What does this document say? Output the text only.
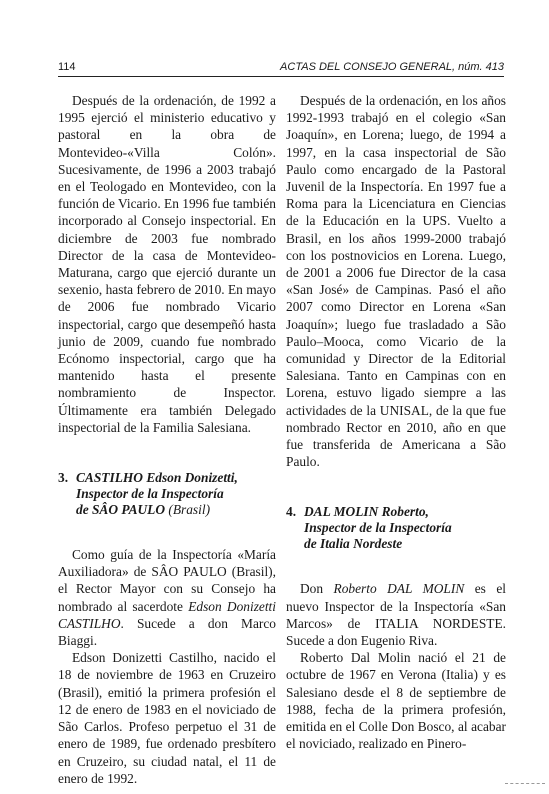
114	ACTAS DEL CONSEJO GENERAL, núm. 413

Después de la ordenación, de 1992 a 1995 ejerció el ministerio educativo y pastoral en la obra de Montevideo-«Villa Colón». Sucesivamente, de 1996 a 2003 trabajó en el Teologado en Montevideo, con la función de Vicario. En 1996 fue también incorporado al Consejo inspectorial. En diciembre de 2003 fue nombrado Director de la casa de Montevideo-Maturana, cargo que ejerció durante un sexenio, hasta febrero de 2010. En mayo de 2006 fue nombrado Vicario inspectorial, cargo que desempeñó hasta junio de 2009, cuando fue nombrado Ecónomo inspectorial, cargo que ha mantenido hasta el presente nombramiento de Inspector. Últimamente era también Delegado inspectorial de la Familia Salesiana.

3. CASTILHO Edson Donizetti,
Inspector de la Inspectoría
de SÂO PAULO (Brasil)

Como guía de la Inspectoría «María Auxiliadora» de SÂO PAULO (Brasil), el Rector Mayor con su Consejo ha nombrado al sacerdote Edson Donizetti CASTILHO. Sucede a don Marco Biaggi.

Edson Donizetti Castilho, nacido el 18 de noviembre de 1963 en Cruzeiro (Brasil), emitió la primera profesión el 12 de enero de 1983 en el noviciado de São Carlos. Profeso perpetuo el 31 de enero de 1989, fue ordenado presbítero en Cruzeiro, su ciudad natal, el 11 de enero de 1992.

Después de la ordenación, en los años 1992-1993 trabajó en el colegio «San Joaquín», en Lorena; luego, de 1994 a 1997, en la casa inspectorial de São Paulo como encargado de la Pastoral Juvenil de la Inspectoría. En 1997 fue a Roma para la Licenciatura en Ciencias de la Educación en la UPS. Vuelto a Brasil, en los años 1999-2000 trabajó con los postnovicios en Lorena. Luego, de 2001 a 2006 fue Director de la casa «San José» de Campinas. Pasó el año 2007 como Director en Lorena «San Joaquín»; luego fue trasladado a São Paulo–Mooca, como Vicario de la comunidad y Director de la Editorial Salesiana. Tanto en Campinas con en Lorena, estuvo ligado siempre a las actividades de la UNISAL, de la que fue nombrado Rector en 2010, año en que fue transferida de Americana a São Paulo.

4. DAL MOLIN Roberto,
Inspector de la Inspectoría
de Italia Nordeste

Don Roberto DAL MOLIN es el nuevo Inspector de la Inspectoría «San Marcos» de ITALIA NORDESTE. Sucede a don Eugenio Riva.

Roberto Dal Molin nació el 21 de octubre de 1967 en Verona (Italia) y es Salesiano desde el 8 de septiembre de 1988, fecha de la primera profesión, emitida en el Colle Don Bosco, al acabar el noviciado, realizado en Pinero-
